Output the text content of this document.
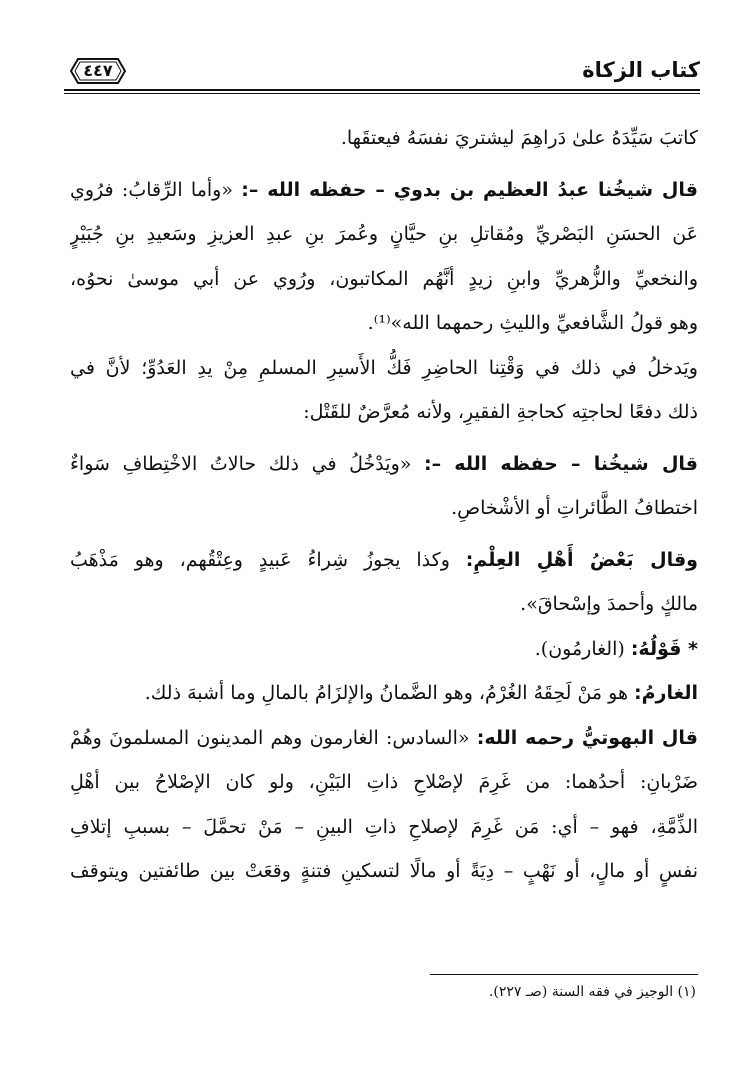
كتاب الزكاة
٤٤٧
كاتبَ سَيِّدَهُ علىٰ دَراهِمَ ليشتريَ نفسَهُ فيعتقَها.
قال شيخُنا عبدُ العظيم بن بدوي – حفظه الله –: «وأما الرِّقابُ: فرُوي
عَن الحسَنِ البَصْريِّ ومُقاتلِ بنِ حيَّانٍ وعُمرَ بنِ عبدِ العزيزِ وسَعيدِ بنِ جُبَيْرٍ
والنخعيِّ والزُّهريِّ وابنِ زيدٍ أنَّهُم المكاتبون، ورُوي عن أبي موسىٰ نحوُه،
وهو قولُ الشَّافعيِّ والليثِ رحمهما الله»⁽¹⁾.
ويَدخلُ في ذلك في وَقْتِنا الحاضِرِ فَكُّ الأَسيرِ المسلمِ مِنْ يدِ العَدُوِّ؛ لأنَّ في
ذلك دفعًا لحاجتِه كحاجةِ الفقيرِ، ولأنه مُعرَّضٌ للقَتْل:
قال شيخُنا – حفظه الله –: «ويَدْخُلُ في ذلك حالاتُ الاخْتِطافِ سَواءٌ
اختطافُ الطَّائراتِ أو الأشْخاصِ.
وقال بَعْضُ أَهْلِ العِلْمِ: وكذا يجوزُ شِراءُ عَبيدٍ وعِتْقُهم، وهو مَذْهَبُ
مالكٍ وأحمدَ وإسْحاقَ».
* قَوْلُهُ: (الغارمُون).
الغارمُ: هو مَنْ لَحِقَهُ الغُرْمُ، وهو الضَّمانُ والإلزَامُ بالمالِ وما أشبهَ ذلك.
قال البهوتيُّ رحمه الله: «السادس: الغارمون وهم المدينون المسلمونَ وهُمْ
ضَرْبانِ: أحدُهما: من غَرِمَ لإصْلاحِ ذاتِ البَيْنِ، ولو كان الإصْلاحُ بين أهْلِ
الذِّمَّةِ، فهو – أي: مَن غَرِمَ لإصلاحِ ذاتِ البينِ – مَنْ تحمَّلَ – بسببِ إتلافِ
نفسٍ أو مالٍ، أو نَهْبٍ – دِيَةً أو مالًا لتسكينِ فتنةٍ وقعَتْ بين طائفتين ويتوقف
(١) الوجيز في فقه السنة (صـ ٢٢٧).
